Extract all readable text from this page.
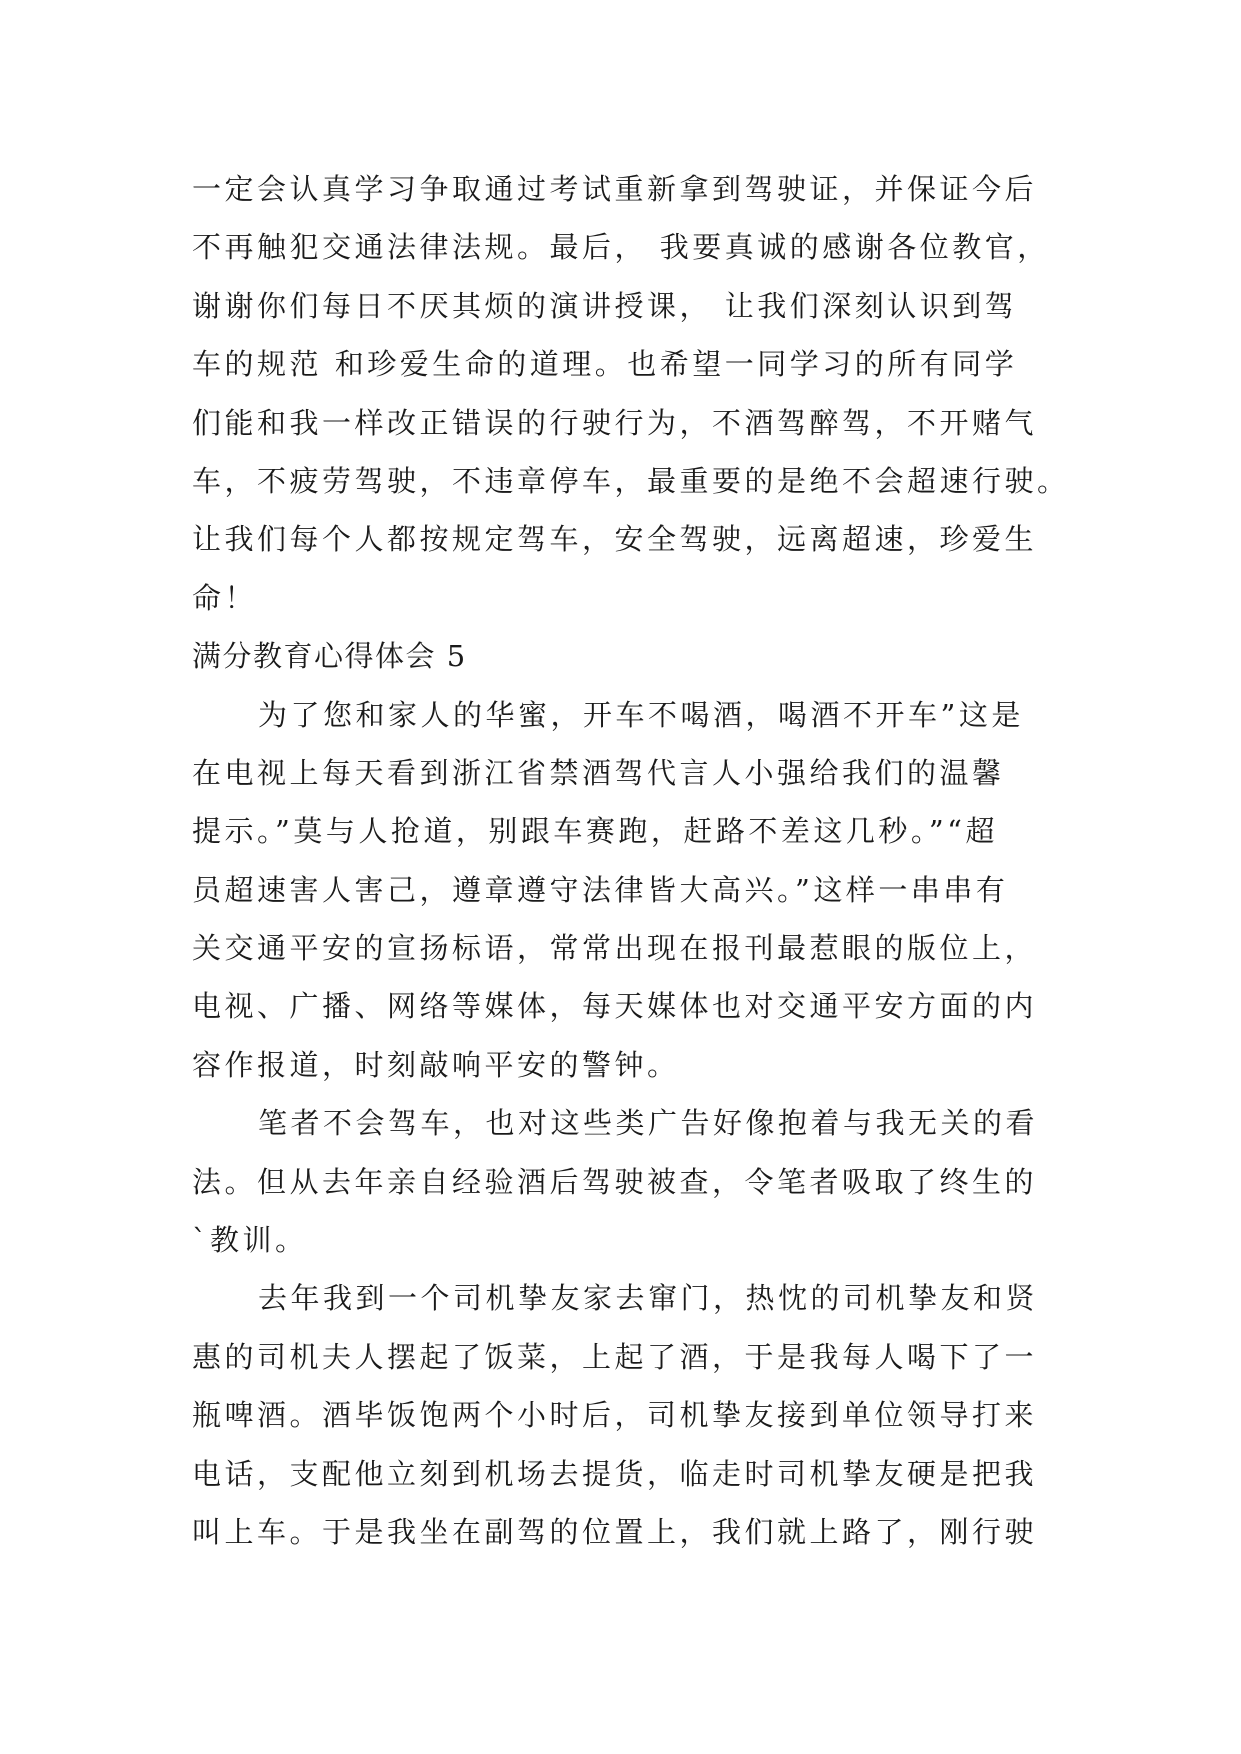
一定会认真学习争取通过考试重新拿到驾驶证，并保证今后
不再触犯交通法律法规。最后， 我要真诚的感谢各位教官，
谢谢你们每日不厌其烦的演讲授课， 让我们深刻认识到驾
车的规范 和珍爱生命的道理。也希望一同学习的所有同学
们能和我一样改正错误的行驶行为，不酒驾醉驾，不开赌气
车，不疲劳驾驶，不违章停车，最重要的是绝不会超速行驶。
让我们每个人都按规定驾车，安全驾驶，远离超速，珍爱生
命！
满分教育心得体会 5
为了您和家人的华蜜，开车不喝酒，喝酒不开车”这是
在电视上每天看到浙江省禁酒驾代言人小强给我们的温馨
提示。”莫与人抢道，别跟车赛跑，赶路不差这几秒。”“超
员超速害人害己，遵章遵守法律皆大高兴。”这样一串串有
关交通平安的宣扬标语，常常出现在报刊最惹眼的版位上，
电视、广播、网络等媒体，每天媒体也对交通平安方面的内
容作报道，时刻敲响平安的警钟。
笔者不会驾车，也对这些类广告好像抱着与我无关的看
法。但从去年亲自经验酒后驾驶被查，令笔者吸取了终生的
`教训。
去年我到一个司机挚友家去窜门，热忱的司机挚友和贤
惠的司机夫人摆起了饭菜，上起了酒，于是我每人喝下了一
瓶啤酒。酒毕饭饱两个小时后，司机挚友接到单位领导打来
电话，支配他立刻到机场去提货，临走时司机挚友硬是把我
叫上车。于是我坐在副驾的位置上，我们就上路了，刚行驶
